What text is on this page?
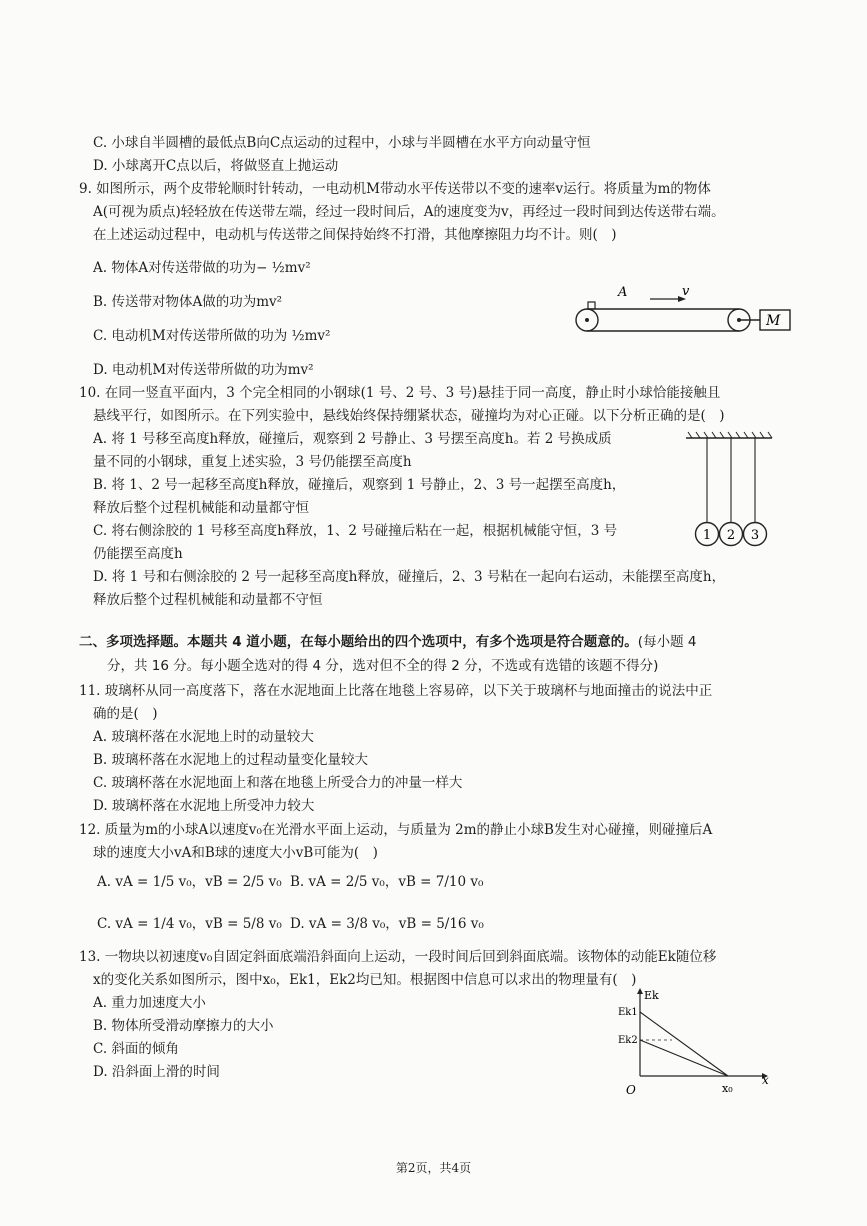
C. 小球自半圆槽的最低点B向C点运动的过程中，小球与半圆槽在水平方向动量守恒
D. 小球离开C点以后，将做竖直上抛运动
9. 如图所示，两个皮带轮顺时针转动，一电动机M带动水平传送带以不变的速率v运行。将质量为m的物体
A(可视为质点)轻轻放在传送带左端，经过一段时间后，A的速度变为v，再经过一段时间到达传送带右端。
在上述运动过程中，电动机与传送带之间保持始终不打滑，其他摩擦阻力均不计。则(　)
A. 物体A对传送带做的功为− ½mv²
B. 传送带对物体A做的功为mv²
C. 电动机M对传送带所做的功为 ½mv²
D. 电动机M对传送带所做的功为mv²
A	v
M
10. 在同一竖直平面内，3 个完全相同的小钢球(1 号、2 号、3 号)悬挂于同一高度，静止时小球恰能接触且
悬线平行，如图所示。在下列实验中，悬线始终保持绷紧状态，碰撞均为对心正碰。以下分析正确的是(　)
A. 将 1 号移至高度h释放，碰撞后，观察到 2 号静止、3 号摆至高度h。若 2 号换成质
量不同的小钢球，重复上述实验，3 号仍能摆至高度h
B. 将 1、2 号一起移至高度h释放，碰撞后，观察到 1 号静止，2、3 号一起摆至高度h，
释放后整个过程机械能和动量都守恒
C. 将右侧涂胶的 1 号移至高度h释放，1、2 号碰撞后粘在一起，根据机械能守恒，3 号
仍能摆至高度h
D. 将 1 号和右侧涂胶的 2 号一起移至高度h释放，碰撞后，2、3 号粘在一起向右运动，未能摆至高度h，
释放后整个过程机械能和动量都不守恒
1 2 3
二、多项选择题。本题共 4 道小题，在每小题给出的四个选项中，有多个选项是符合题意的。(每小题 4
分，共 16 分。每小题全选对的得 4 分，选对但不全的得 2 分，不选或有选错的该题不得分)
11. 玻璃杯从同一高度落下，落在水泥地面上比落在地毯上容易碎，以下关于玻璃杯与地面撞击的说法中正
确的是(　)
A. 玻璃杯落在水泥地上时的动量较大
B. 玻璃杯落在水泥地上的过程动量变化量较大
C. 玻璃杯落在水泥地面上和落在地毯上所受合力的冲量一样大
D. 玻璃杯落在水泥地上所受冲力较大
12. 质量为m的小球A以速度v₀在光滑水平面上运动，与质量为 2m的静止小球B发生对心碰撞，则碰撞后A
球的速度大小vA和B球的速度大小vB可能为(　)
A. vA = 1/5 v₀，vB = 2/5 v₀ B. vA = 2/5 v₀，vB = 7/10 v₀
C. vA = 1/4 v₀，vB = 5/8 v₀ D. vA = 3/8 v₀，vB = 5/16 v₀
13. 一物块以初速度v₀自固定斜面底端沿斜面向上运动，一段时间后回到斜面底端。该物体的动能Ek随位移
x的变化关系如图所示，图中x₀，Ek1，Ek2均已知。根据图中信息可以求出的物理量有(　)
A. 重力加速度大小
B. 物体所受滑动摩擦力的大小
C. 斜面的倾角
D. 沿斜面上滑的时间
Ek
Ek1
Ek2
O	x₀
x
第2页，共4页
